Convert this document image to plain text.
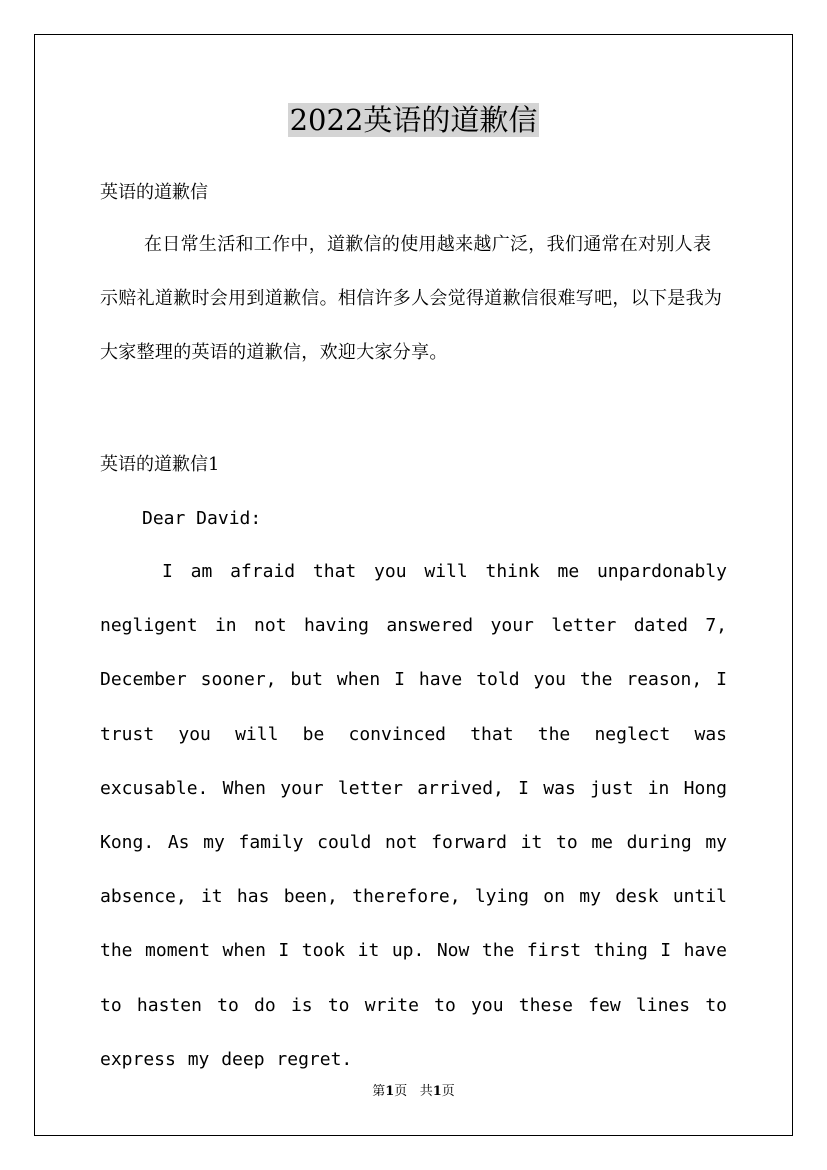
2022英语的道歉信
英语的道歉信
在日常生活和工作中，道歉信的使用越来越广泛，我们通常在对别人表示赔礼道歉时会用到道歉信。相信许多人会觉得道歉信很难写吧，以下是我为大家整理的英语的道歉信，欢迎大家分享。
英语的道歉信1
Dear David:
I am afraid that you will think me unpardonably negligent in not having answered your letter dated 7, December sooner, but when I have told you the reason, I trust you will be convinced that the neglect was excusable. When your letter arrived, I was just in Hong Kong. As my family could not forward it to me during my absence, it has been, therefore, lying on my desk until the moment when I took it up. Now the first thing I have to hasten to do is to write to you these few lines to express my deep regret.
第1页 共1页
